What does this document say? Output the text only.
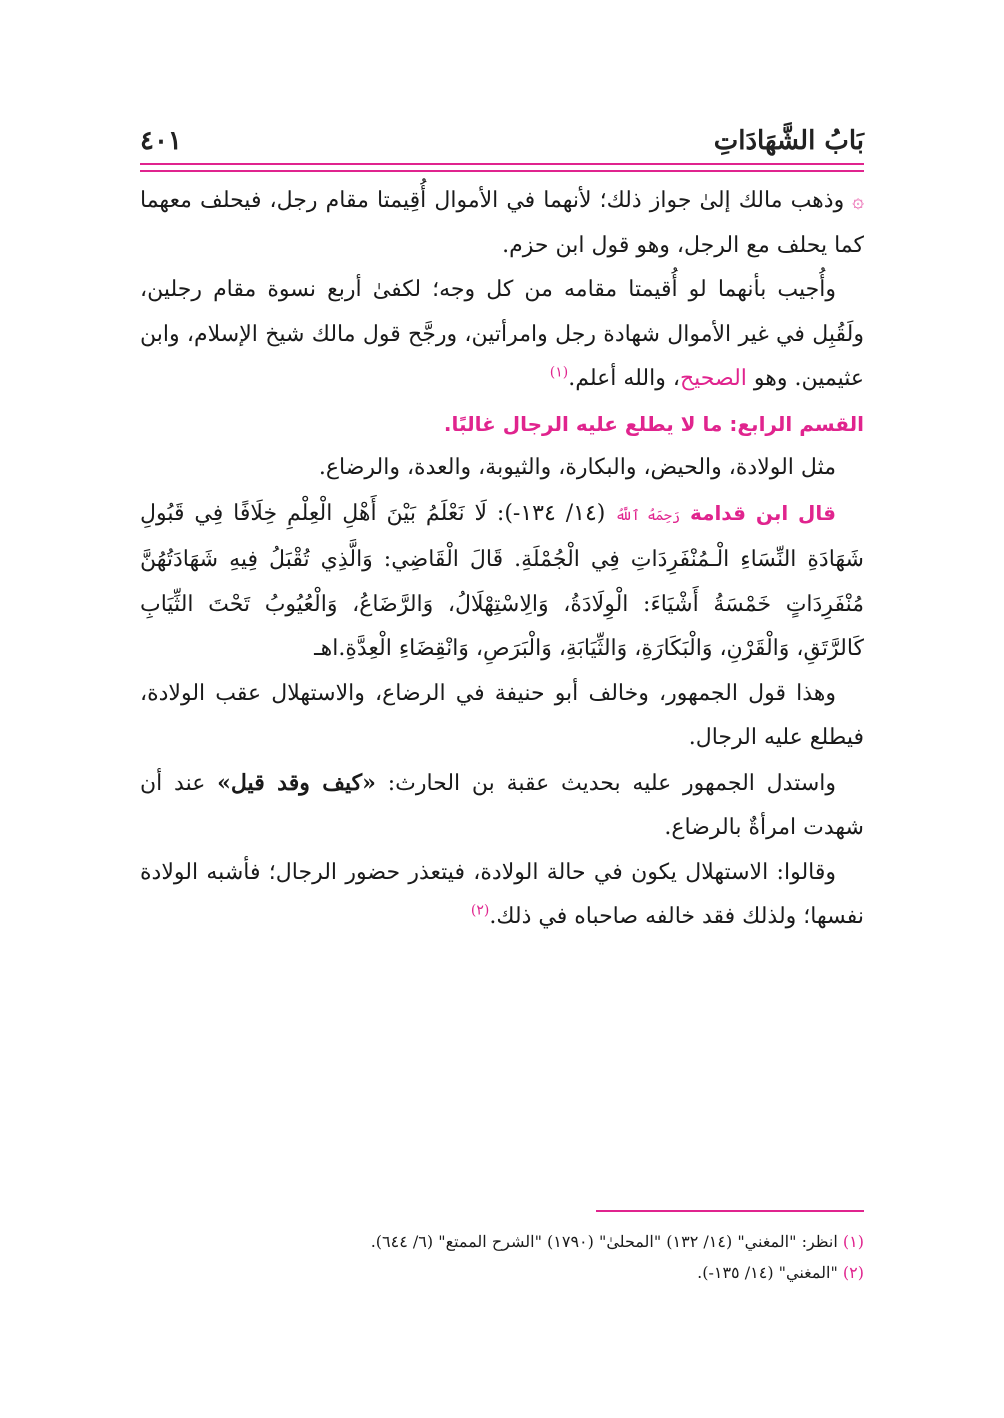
بَابُ الشَّهَادَاتِ
٤٠١

۞ وذهب مالك إلىٰ جواز ذلك؛ لأنهما في الأموال أُقِيمتا مقام رجل، فيحلف معهما كما يحلف مع الرجل، وهو قول ابن حزم.

وأُجيب بأنهما لو أُقيمتا مقامه من كل وجه؛ لكفىٰ أربع نسوة مقام رجلين، ولَقُبِل في غير الأموال شهادة رجل وامرأتين، ورجَّح قول مالك شيخ الإسلام، وابن عثيمين. وهو الصحيح، والله أعلم.$^{(١)}$

القسم الرابع: ما لا يطلع عليه الرجال غالبًا.

مثل الولادة، والحيض، والبكارة، والثيوبة، والعدة، والرضاع.

قال ابن قدامة رَحِمَهُ ٱللَّهُ (١٤/ ١٣٤-): لَا نَعْلَمُ بَيْنَ أَهْلِ الْعِلْمِ خِلَافًا فِي قَبُولِ شَهَادَةِ النِّسَاءِ الْـمُنْفَرِدَاتِ فِي الْجُمْلَةِ. قَالَ الْقَاضِي: وَالَّذِي تُقْبَلُ فِيهِ شَهَادَتُهُنَّ مُنْفَرِدَاتٍ خَمْسَةُ أَشْيَاءَ: الْوِلَادَةُ، وَالِاسْتِهْلَالُ، وَالرَّضَاعُ، وَالْعُيُوبُ تَحْتَ الثِّيَابِ كَالرَّتَقِ، وَالْقَرْنِ، وَالْبَكَارَةِ، وَالثِّيَابَةِ، وَالْبَرَصِ، وَانْقِضَاءِ الْعِدَّةِ.اهـ

وهذا قول الجمهور، وخالف أبو حنيفة في الرضاع، والاستهلال عقب الولادة، فيطلع عليه الرجال.

واستدل الجمهور عليه بحديث عقبة بن الحارث: «كيف وقد قيل» عند أن شهدت امرأةٌ بالرضاع.

وقالوا: الاستهلال يكون في حالة الولادة، فيتعذر حضور الرجال؛ فأشبه الولادة نفسها؛ ولذلك فقد خالفه صاحباه في ذلك.$^{(٢)}$

(١) انظر: "المغني" (١٤/ ١٣٢) "المحلىٰ" (١٧٩٠) "الشرح الممتع" (٦/ ٦٤٤).

(٢) "المغني" (١٤/ ١٣٥-).
